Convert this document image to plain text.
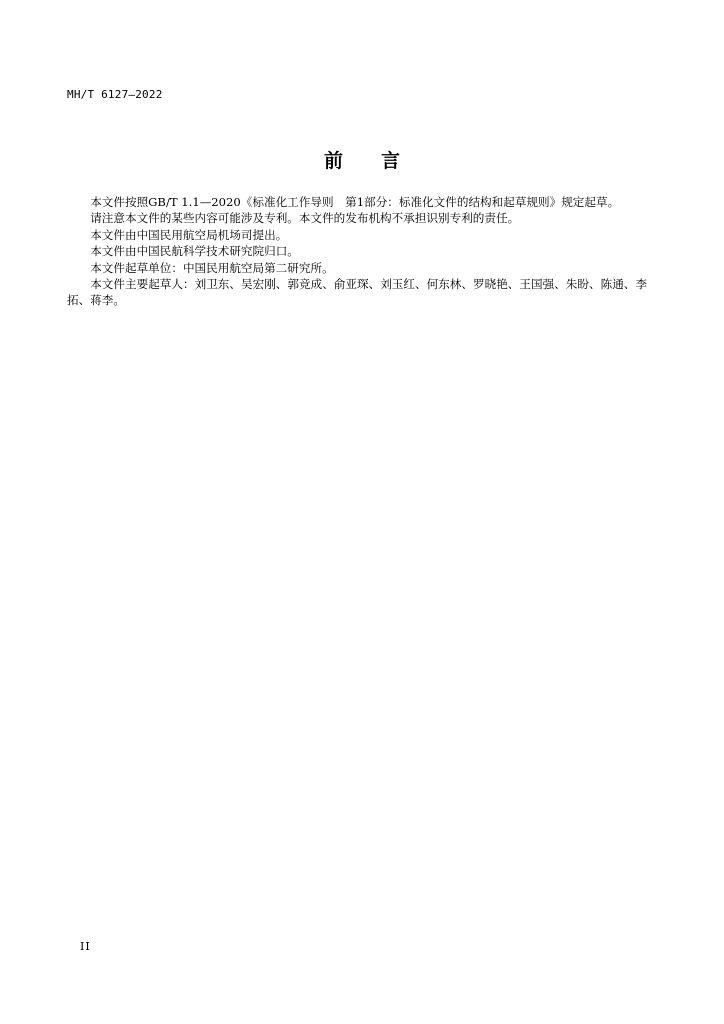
MH/T 6127—2022
前 言

本文件按照GB/T 1.1—2020《标准化工作导则　第1部分：标准化文件的结构和起草规则》规定起草。

请注意本文件的某些内容可能涉及专利。本文件的发布机构不承担识别专利的责任。

本文件由中国民用航空局机场司提出。

本文件由中国民航科学技术研究院归口。

本文件起草单位：中国民用航空局第二研究所。

本文件主要起草人：刘卫东、吴宏刚、郭竞成、俞亚琛、刘玉红、何东林、罗晓艳、王国强、朱盼、陈通、李拓、蒋李。

II
